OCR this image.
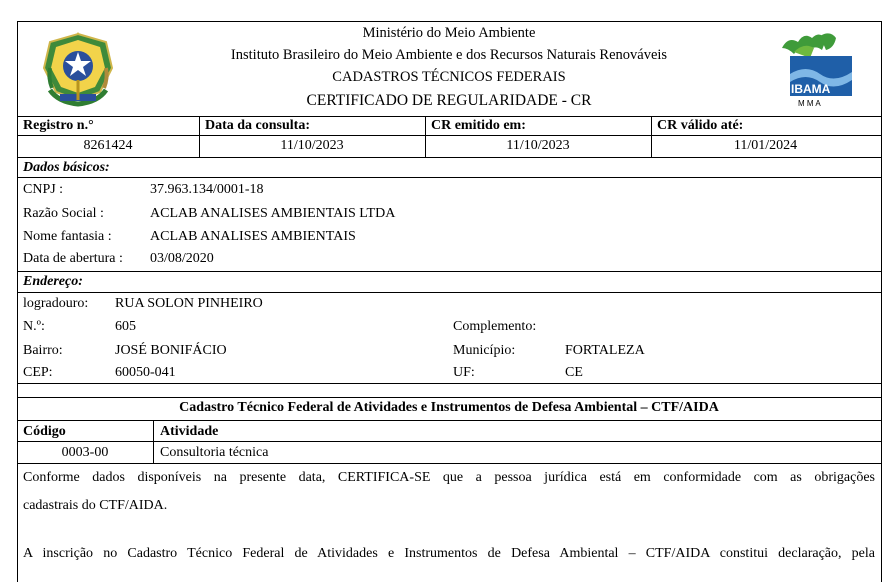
IBAMA
M M A
Ministério do Meio Ambiente
Instituto Brasileiro do Meio Ambiente e dos Recursos Naturais Renováveis
CADASTROS TÉCNICOS FEDERAIS
CERTIFICADO DE REGULARIDADE - CR
Registro n.°	Data da consulta:	CR emitido em:	CR válido até:
8261424	11/10/2023	11/10/2023	11/01/2024
Dados básicos:
CNPJ :	37.963.134/0001-18
Razão Social :	ACLAB ANALISES AMBIENTAIS LTDA
Nome fantasia :	ACLAB ANALISES AMBIENTAIS
Data de abertura : 03/08/2020
Endereço:
logradouro: RUA SOLON PINHEIRO
N.º:	605	Complemento:
Bairro:	JOSÉ BONIFÁCIO	Município:	FORTALEZA
CEP:	60050-041	UF:	CE
Cadastro Técnico Federal de Atividades e Instrumentos de Defesa Ambiental – CTF/AIDA
Código	Atividade
0003-00	Consultoria técnica
Conforme dados disponíveis na presente data, CERTIFICA-SE que a pessoa jurídica está em conformidade com as obrigações
cadastrais do CTF/AIDA.
A inscrição no Cadastro Técnico Federal de Atividades e Instrumentos de Defesa Ambiental – CTF/AIDA constitui declaração, pela
